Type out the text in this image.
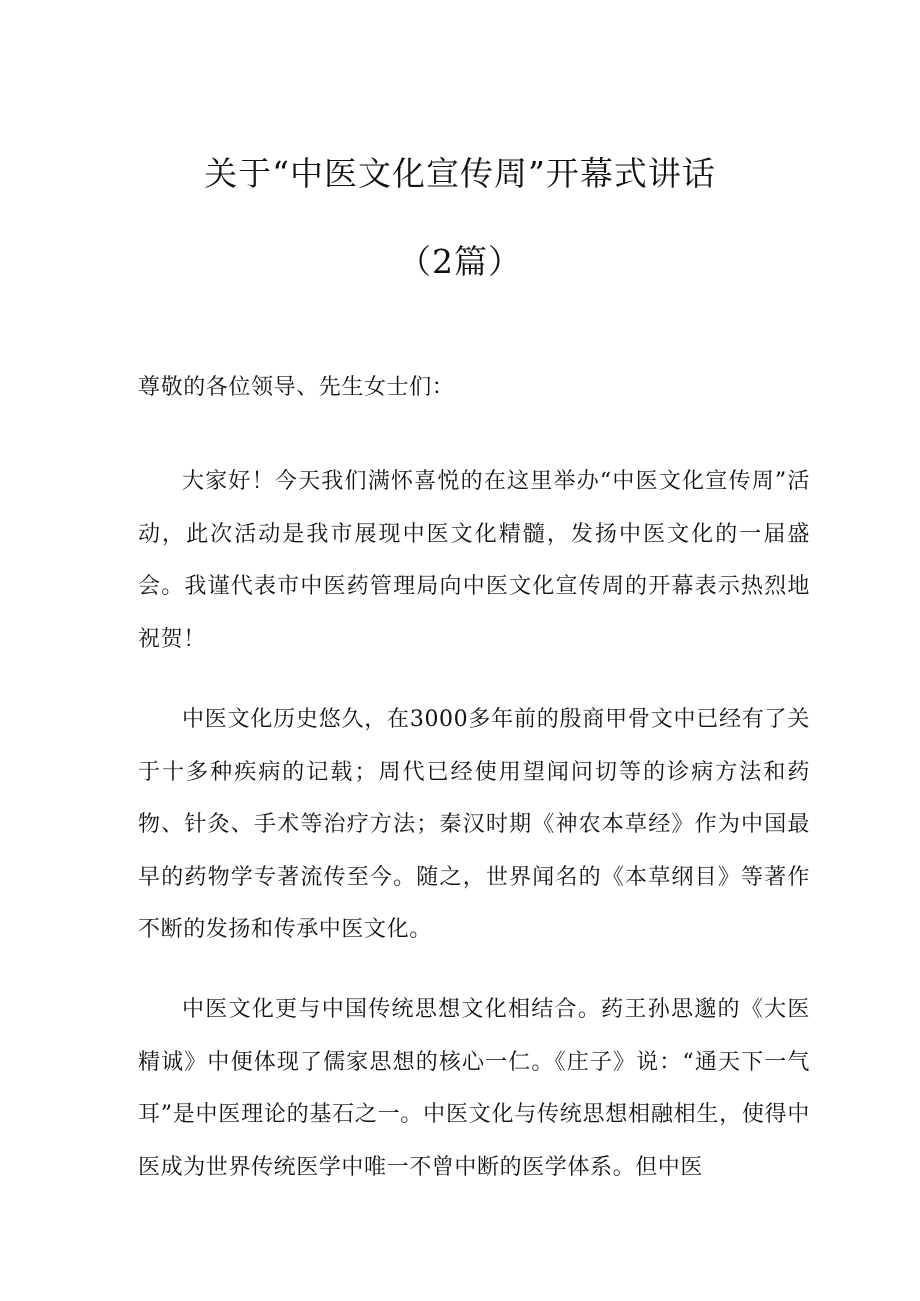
关于“中医文化宣传周”开幕式讲话
（2篇）

尊敬的各位领导、先生女士们：

大家好！今天我们满怀喜悦的在这里举办“中医文化宣传周”活动，此次活动是我市展现中医文化精髓，发扬中医文化的一届盛会。我谨代表市中医药管理局向中医文化宣传周的开幕表示热烈地祝贺！

中医文化历史悠久，在3000多年前的殷商甲骨文中已经有了关于十多种疾病的记载；周代已经使用望闻问切等的诊病方法和药物、针灸、手术等治疗方法；秦汉时期《神农本草经》作为中国最早的药物学专著流传至今。随之，世界闻名的《本草纲目》等著作不断的发扬和传承中医文化。

中医文化更与中国传统思想文化相结合。药王孙思邈的《大医精诚》中便体现了儒家思想的核心一仁。《庄子》说：“通天下一气耳”是中医理论的基石之一。中医文化与传统思想相融相生，使得中医成为世界传统医学中唯一不曾中断的医学体系。但中医
